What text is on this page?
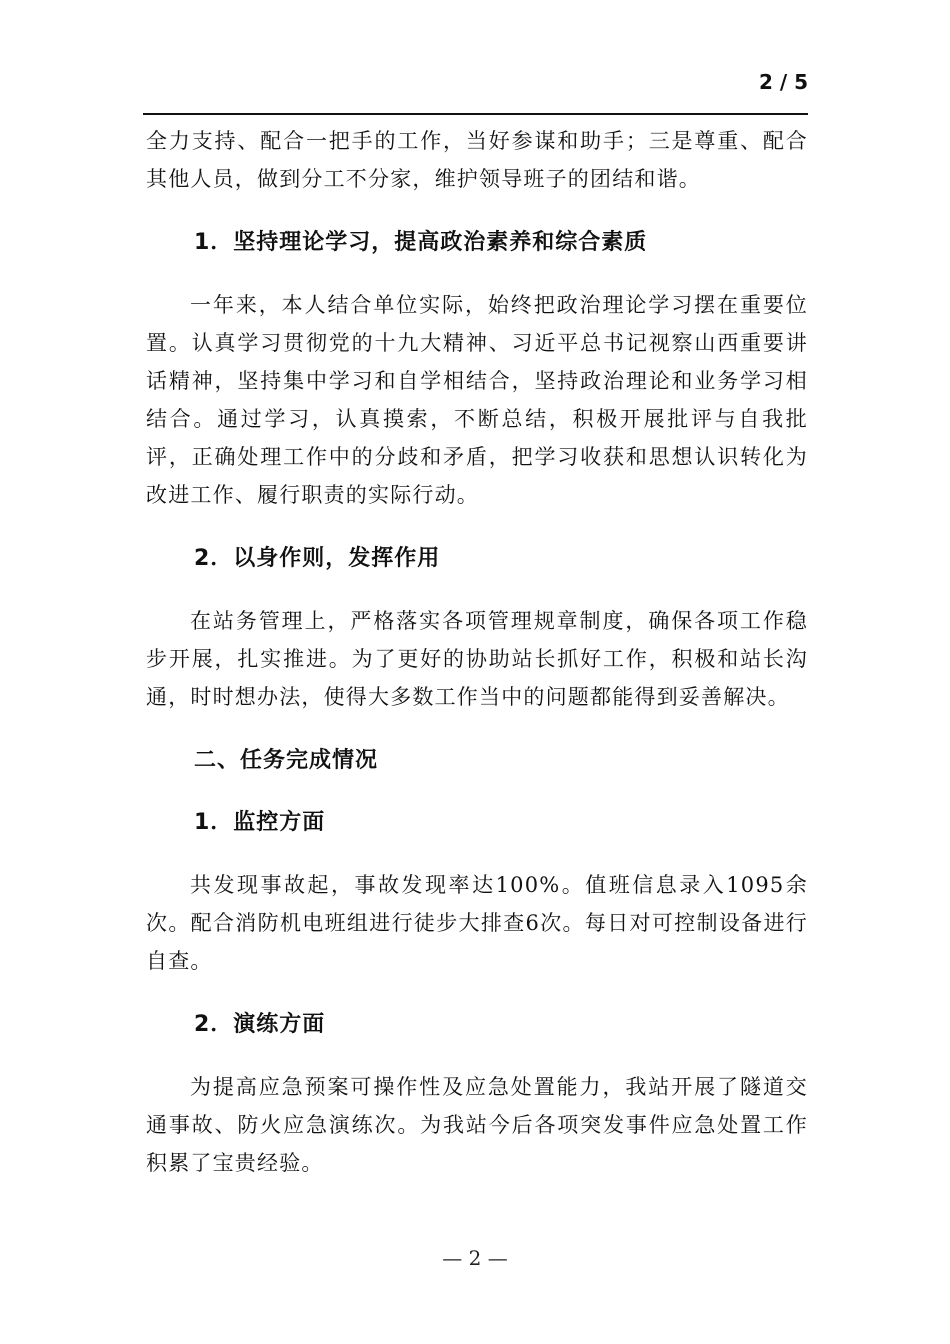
2 / 5

全力支持、配合一把手的工作，当好参谋和助手；三是尊重、配合其他人员，做到分工不分家，维护领导班子的团结和谐。

1．坚持理论学习，提高政治素养和综合素质

一年来，本人结合单位实际，始终把政治理论学习摆在重要位置。认真学习贯彻党的十九大精神、习近平总书记视察山西重要讲话精神，坚持集中学习和自学相结合，坚持政治理论和业务学习相结合。通过学习，认真摸索，不断总结，积极开展批评与自我批评，正确处理工作中的分歧和矛盾，把学习收获和思想认识转化为改进工作、履行职责的实际行动。

2．以身作则，发挥作用

在站务管理上，严格落实各项管理规章制度，确保各项工作稳步开展，扎实推进。为了更好的协助站长抓好工作，积极和站长沟通，时时想办法，使得大多数工作当中的问题都能得到妥善解决。

二、任务完成情况
1．监控方面

共发现事故起，事故发现率达100%。值班信息录入1095余次。配合消防机电班组进行徒步大排查6次。每日对可控制设备进行自查。

2．演练方面

为提高应急预案可操作性及应急处置能力，我站开展了隧道交通事故、防火应急演练次。为我站今后各项突发事件应急处置工作积累了宝贵经验。

— 2 —
